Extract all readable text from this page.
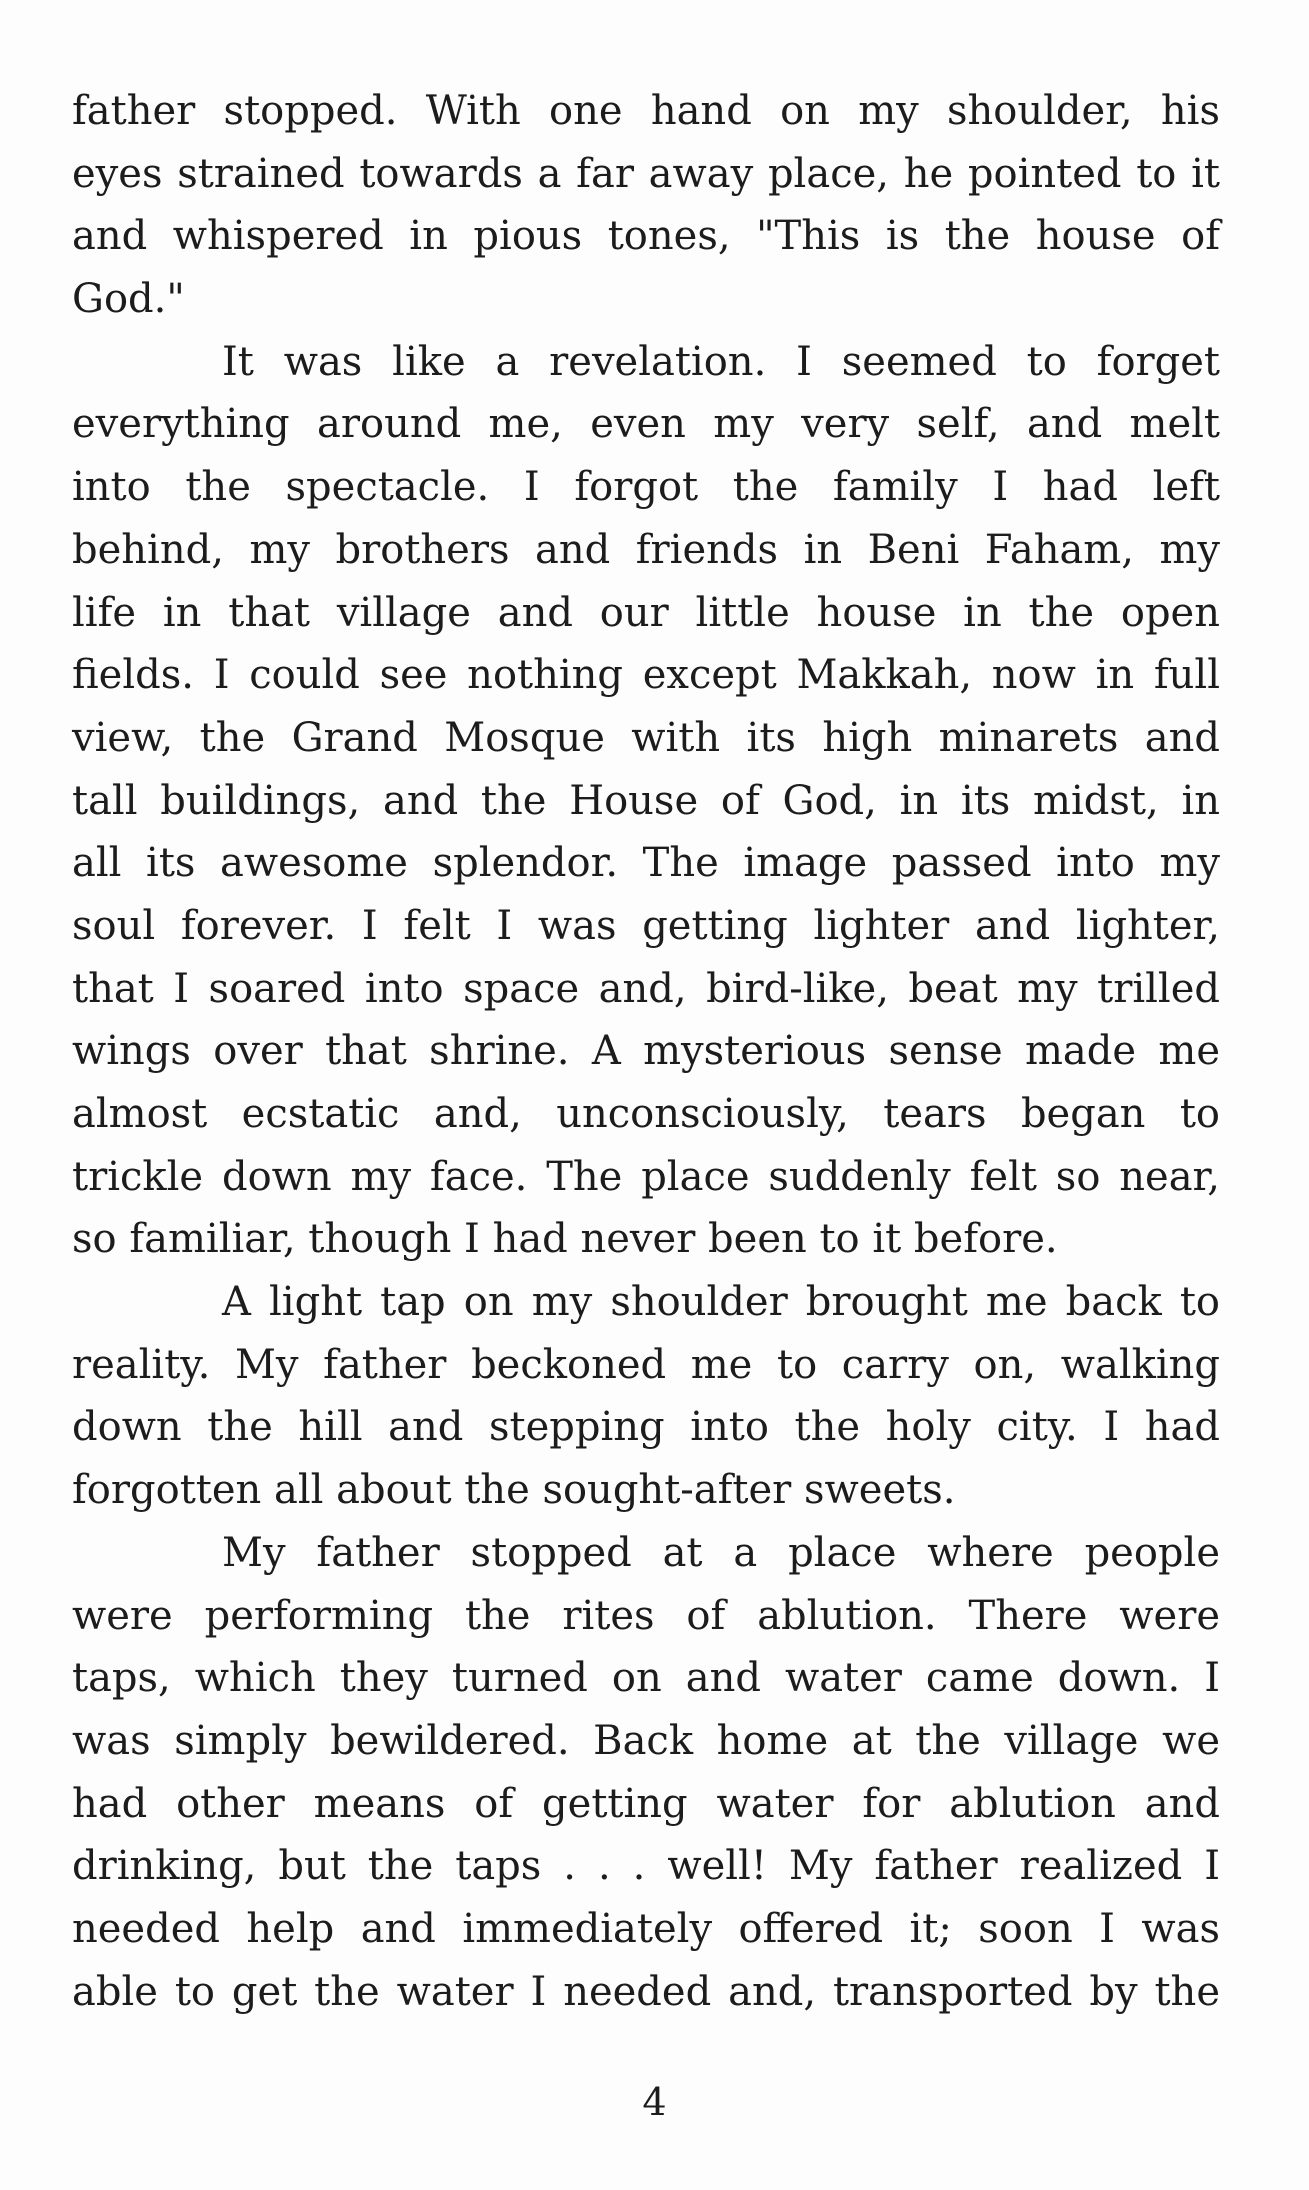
father stopped. With one hand on my shoulder, his
eyes strained towards a far away place, he pointed to it
and whispered in pious tones, "This is the house of
God."
It was like a revelation. I seemed to forget
everything around me, even my very self, and melt
into the spectacle. I forgot the family I had left
behind, my brothers and friends in Beni Faham, my
life in that village and our little house in the open
fields. I could see nothing except Makkah, now in full
view, the Grand Mosque with its high minarets and
tall buildings, and the House of God, in its midst, in
all its awesome splendor. The image passed into my
soul forever. I felt I was getting lighter and lighter,
that I soared into space and, bird-like, beat my trilled
wings over that shrine. A mysterious sense made me
almost ecstatic and, unconsciously, tears began to
trickle down my face. The place suddenly felt so near,
so familiar, though I had never been to it before.
A light tap on my shoulder brought me back to
reality. My father beckoned me to carry on, walking
down the hill and stepping into the holy city. I had
forgotten all about the sought-after sweets.
My father stopped at a place where people
were performing the rites of ablution. There were
taps, which they turned on and water came down. I
was simply bewildered. Back home at the village we
had other means of getting water for ablution and
drinking, but the taps . . . well! My father realized I
needed help and immediately offered it; soon I was
able to get the water I needed and, transported by the
4
